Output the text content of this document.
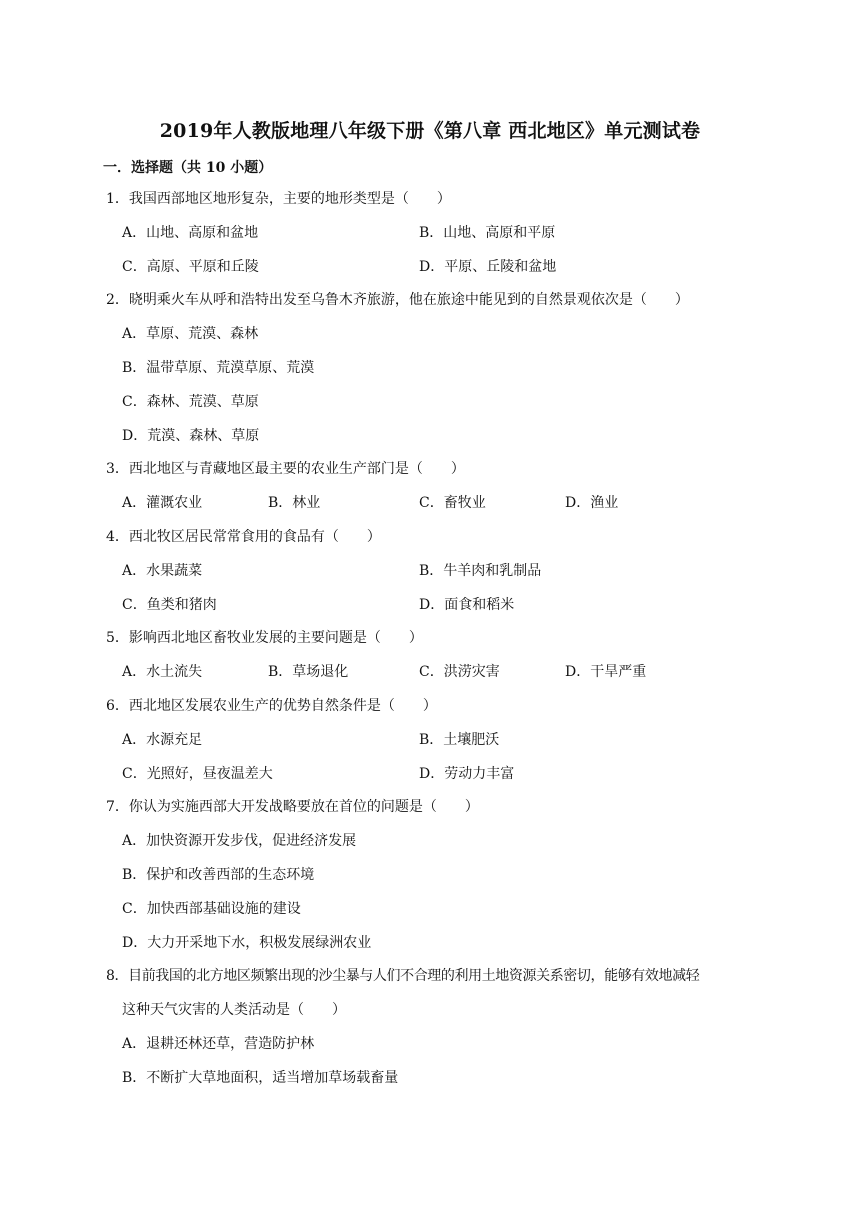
2019年人教版地理八年级下册《第八章 西北地区》单元测试卷
一．选择题（共 10 小题）
1．我国西部地区地形复杂，主要的地形类型是（　　）
A．山地、高原和盆地	B．山地、高原和平原
C．高原、平原和丘陵	D．平原、丘陵和盆地
2．晓明乘火车从呼和浩特出发至乌鲁木齐旅游，他在旅途中能见到的自然景观依次是（　　）
A．草原、荒漠、森林
B．温带草原、荒漠草原、荒漠
C．森林、荒漠、草原
D．荒漠、森林、草原
3．西北地区与青藏地区最主要的农业生产部门是（　　）
A．灌溉农业	B．林业	C．畜牧业	D．渔业
4．西北牧区居民常常食用的食品有（　　）
A．水果蔬菜	B．牛羊肉和乳制品
C．鱼类和猪肉	D．面食和稻米
5．影响西北地区畜牧业发展的主要问题是（　　）
A．水土流失	B．草场退化	C．洪涝灾害	D．干旱严重
6．西北地区发展农业生产的优势自然条件是（　　）
A．水源充足	B．土壤肥沃
C．光照好，昼夜温差大	D．劳动力丰富
7．你认为实施西部大开发战略要放在首位的问题是（　　）
A．加快资源开发步伐，促进经济发展
B．保护和改善西部的生态环境
C．加快西部基础设施的建设
D．大力开采地下水，积极发展绿洲农业
8．目前我国的北方地区频繁出现的沙尘暴与人们不合理的利用土地资源关系密切，能够有效地减轻
这种天气灾害的人类活动是（　　）
A．退耕还林还草，营造防护林
B．不断扩大草地面积，适当增加草场载畜量
